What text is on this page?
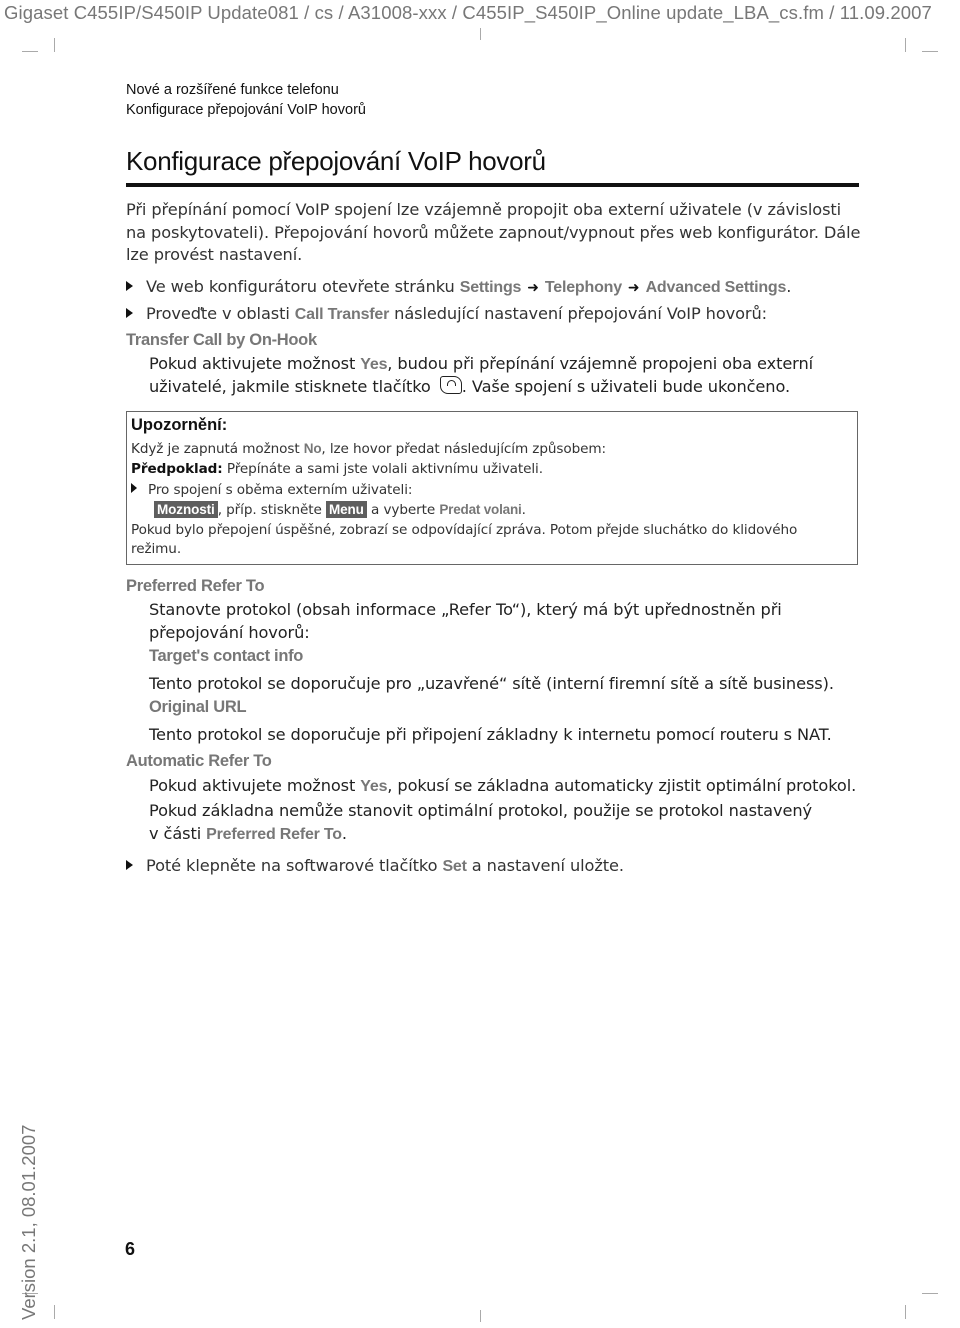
Gigaset C455IP/S450IP Update081 / cs / A31008-xxx / C455IP_S450IP_Online update_LBA_cs.fm / 11.09.2007
Nové a rozšířené funkce telefonu
Konfigurace přepojování VoIP hovorů
Konfigurace přepojování VoIP hovorů
Při přepínání pomocí VoIP spojení lze vzájemně propojit oba externí uživatele (v závislosti na poskytovateli). Přepojování hovorů můžete zapnout/vypnout přes web konfigurátor. Dále lze provést nastavení.
Ve web konfigurátoru otevřete stránku Settings ➜ Telephony ➜ Advanced Settings.
Proveďte v oblasti Call Transfer následující nastavení přepojování VoIP hovorů:
Transfer Call by On-Hook
Pokud aktivujete možnost Yes, budou při přepínání vzájemně propojeni oba externí
uživatelé, jakmile stisknete tlačítko . Vaše spojení s uživateli bude ukončeno.
Upozornění:
Když je zapnutá možnost No, lze hovor předat následujícím způsobem:
Předpoklad: Přepínáte a sami jste volali aktivnímu uživateli.
Pro spojení s oběma externím uživateli:
Moznosti , příp. stiskněte Menu a vyberte Predat volani.
Pokud bylo přepojení úspěšné, zobrazí se odpovídající zpráva. Potom přejde sluchátko do klidového
režimu.
Preferred Refer To
Stanovte protokol (obsah informace „Refer To“), který má být upřednostněn při
přepojování hovorů:
Target's contact info
Tento protokol se doporučuje pro „uzavřené“ sítě (interní firemní sítě a sítě business).
Original URL
Tento protokol se doporučuje při připojení základny k internetu pomocí routeru s NAT.
Automatic Refer To
Pokud aktivujete možnost Yes, pokusí se základna automaticky zjistit optimální protokol.
Pokud základna nemůže stanovit optimální protokol, použije se protokol nastavený
v části Preferred Refer To.
Poté klepněte na softwarové tlačítko Set a nastavení uložte.
Version 2.1, 08.01.2007	6
